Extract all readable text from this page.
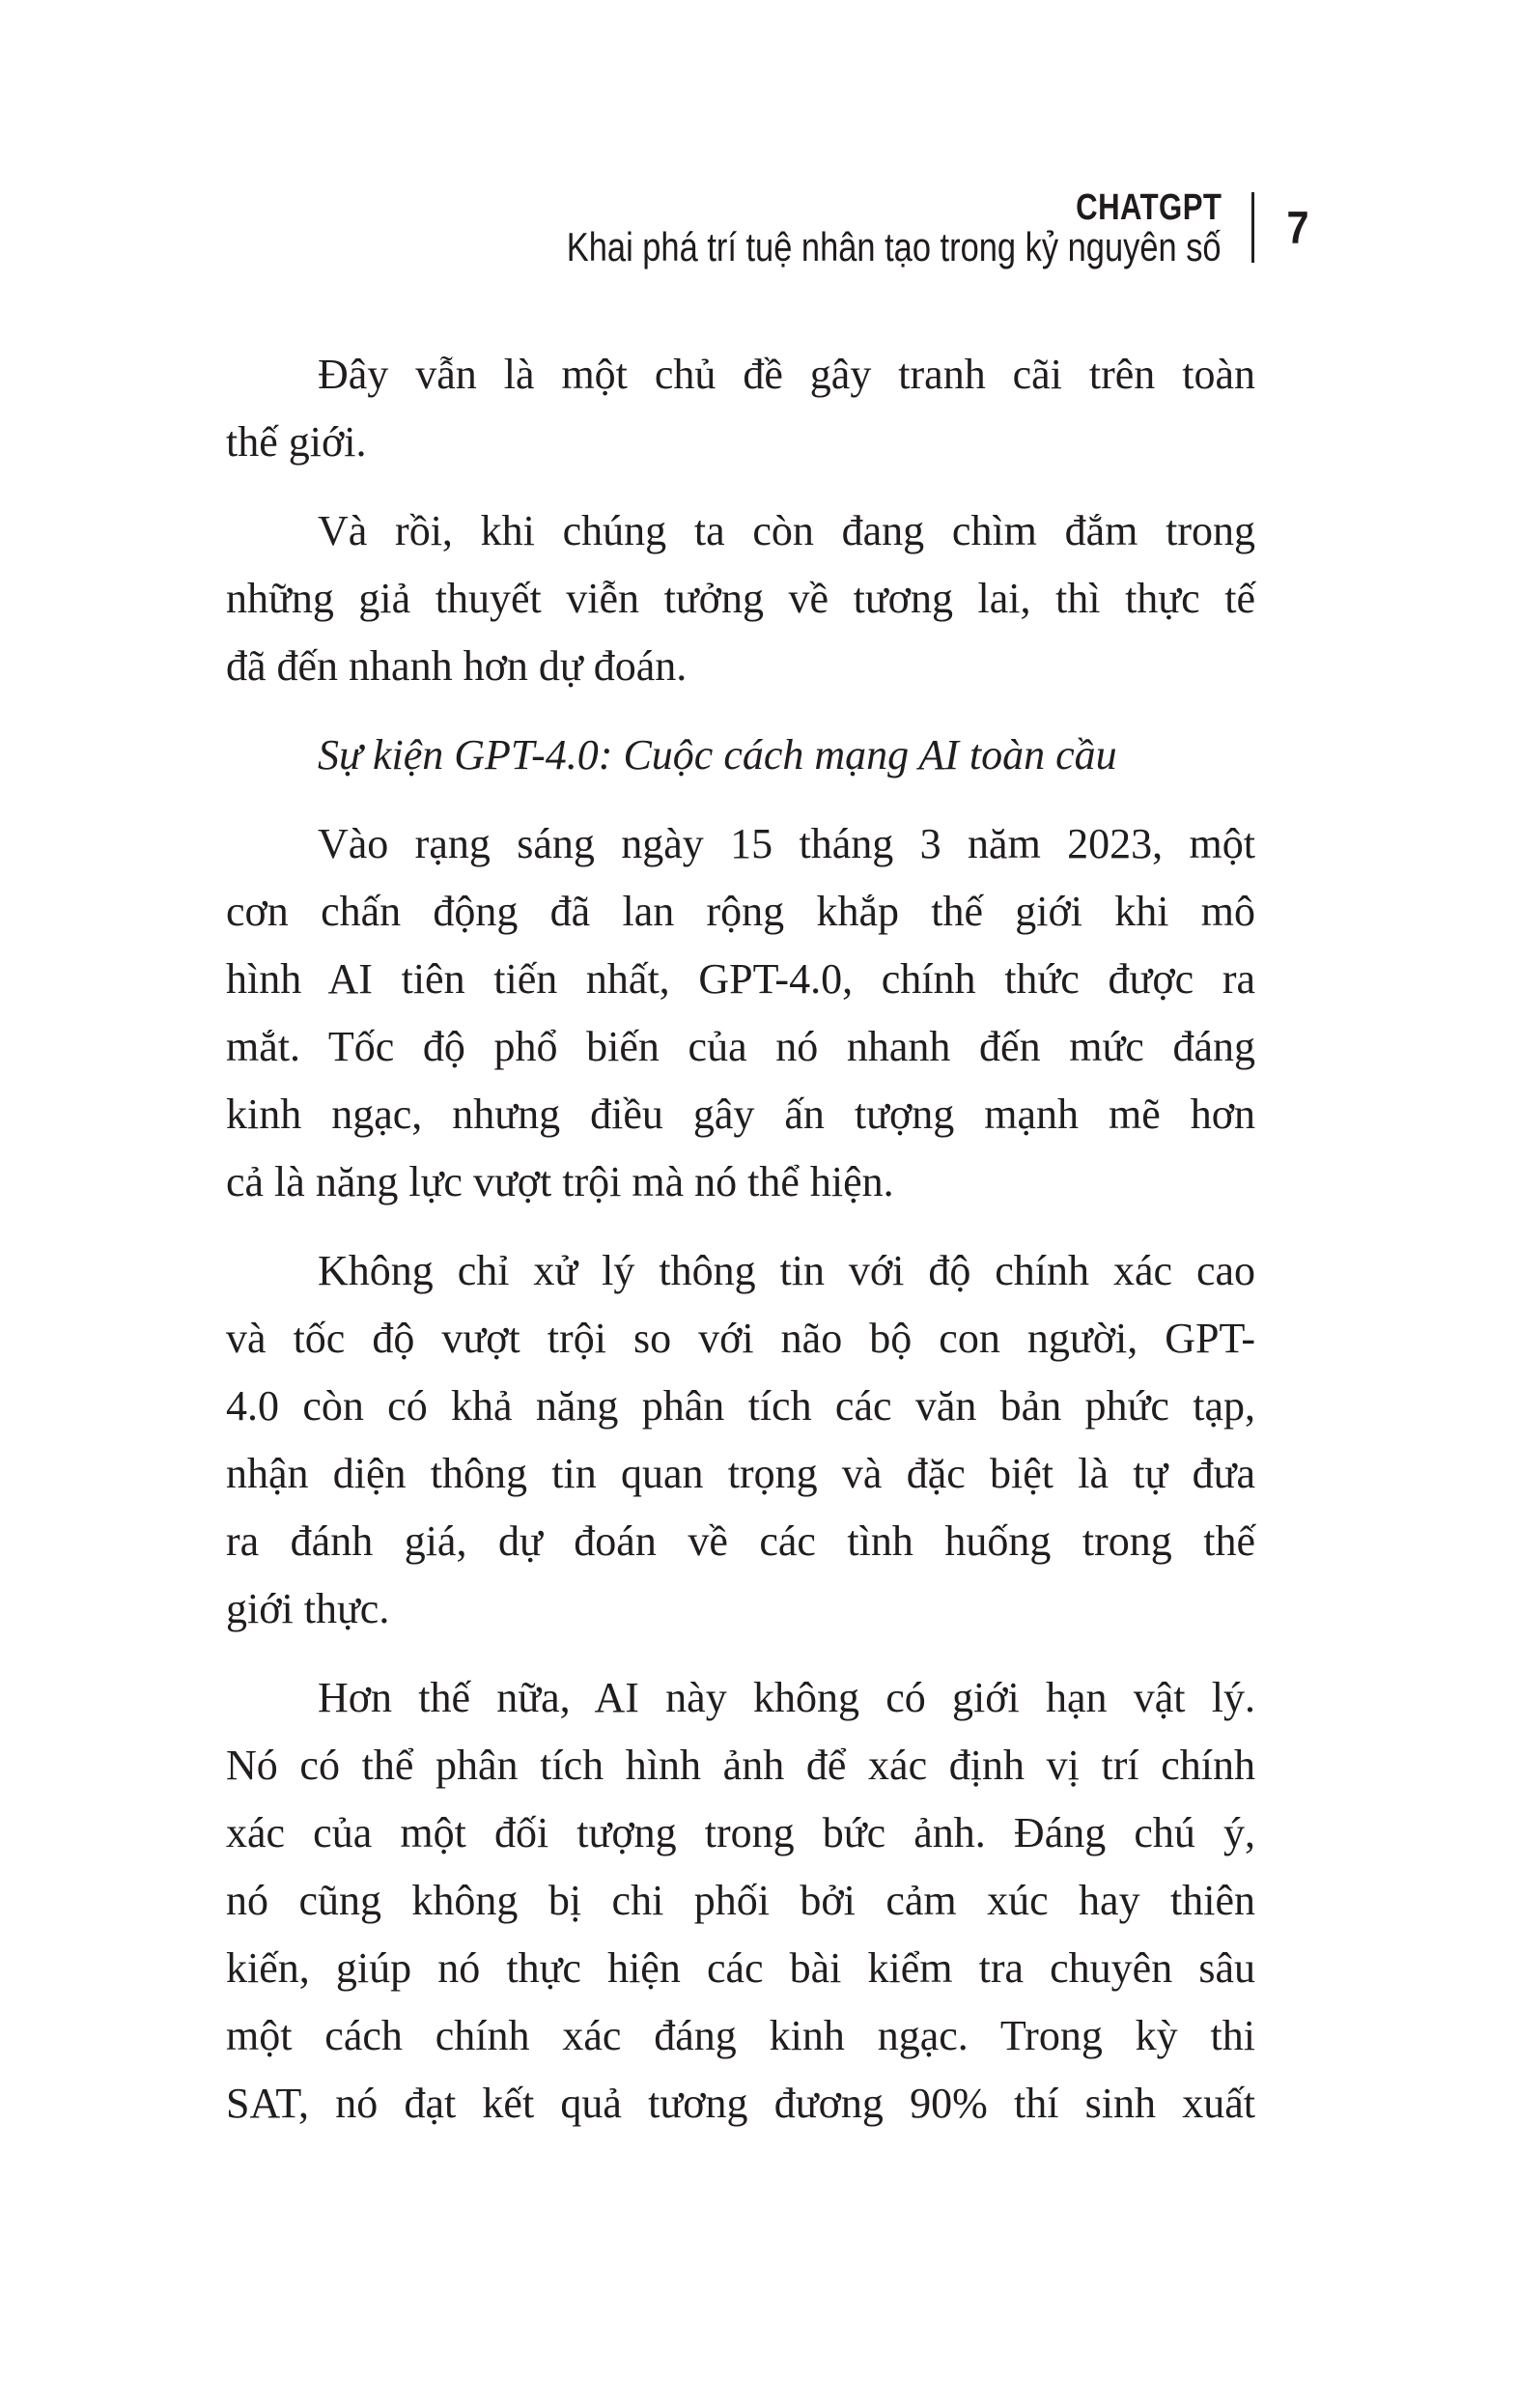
CHATGPT
Khai phá trí tuệ nhân tạo trong kỷ nguyên số	7
Đây vẫn là một chủ đề gây tranh cãi trên toàn
thế giới.
Và rồi, khi chúng ta còn đang chìm đắm trong
những giả thuyết viễn tưởng về tương lai, thì thực tế
đã đến nhanh hơn dự đoán.
Sự kiện GPT-4.0: Cuộc cách mạng AI toàn cầu
Vào rạng sáng ngày 15 tháng 3 năm 2023, một
cơn chấn động đã lan rộng khắp thế giới khi mô
hình AI tiên tiến nhất, GPT-4.0, chính thức được ra
mắt. Tốc độ phổ biến của nó nhanh đến mức đáng
kinh ngạc, nhưng điều gây ấn tượng mạnh mẽ hơn
cả là năng lực vượt trội mà nó thể hiện.
Không chỉ xử lý thông tin với độ chính xác cao
và tốc độ vượt trội so với não bộ con người, GPT-
4.0 còn có khả năng phân tích các văn bản phức tạp,
nhận diện thông tin quan trọng và đặc biệt là tự đưa
ra đánh giá, dự đoán về các tình huống trong thế
giới thực.
Hơn thế nữa, AI này không có giới hạn vật lý.
Nó có thể phân tích hình ảnh để xác định vị trí chính
xác của một đối tượng trong bức ảnh. Đáng chú ý,
nó cũng không bị chi phối bởi cảm xúc hay thiên
kiến, giúp nó thực hiện các bài kiểm tra chuyên sâu
một cách chính xác đáng kinh ngạc. Trong kỳ thi
SAT, nó đạt kết quả tương đương 90% thí sinh xuất
